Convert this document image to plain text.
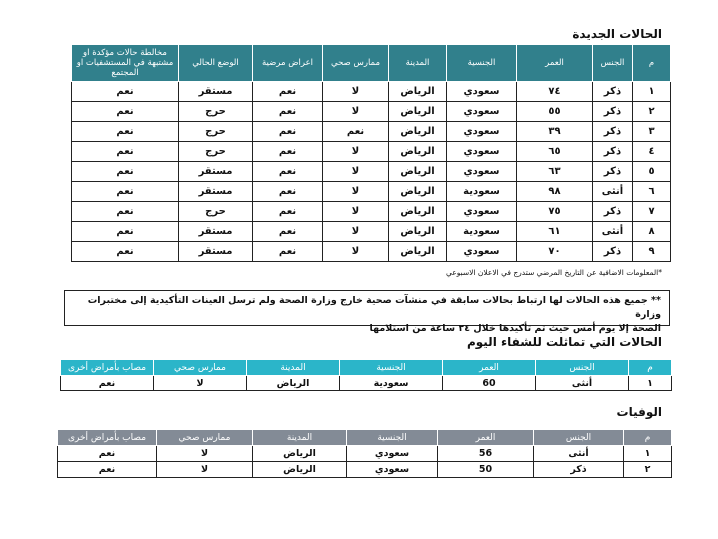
الحالات الجديدة
م	الجنس	العمر	الجنسية	المدينة	ممارس صحي	اعراض مرضية	الوضع الحالي	مخالطة حالات مؤكدة او مشتبهة في المستشفيات او المجتمع
١	ذكر	٧٤	سعودي	الرياض	لا	نعم	مستقر	نعم
٢	ذكر	٥٥	سعودي	الرياض	لا	نعم	حرج	نعم
٣	ذكر	٣٩	سعودي	الرياض	نعم	نعم	حرج	نعم
٤	ذكر	٦٥	سعودي	الرياض	لا	نعم	حرج	نعم
٥	ذكر	٦٣	سعودي	الرياض	لا	نعم	مستقر	نعم
٦	أنثى	٩٨	سعودية	الرياض	لا	نعم	مستقر	نعم
٧	ذكر	٧٥	سعودي	الرياض	لا	نعم	حرج	نعم
٨	أنثى	٦١	سعودية	الرياض	لا	نعم	مستقر	نعم
٩	ذكر	٧٠	سعودي	الرياض	لا	نعم	مستقر	نعم
*المعلومات الاضافية عن التاريخ المرضي ستدرج في الاعلان الاسبوعي
** جميع هذه الحالات لها ارتباط بحالات سابقة في منشآت صحية خارج وزارة الصحة ولم ترسل العينات التأكيدية إلى مختبرات وزارة
الصحة إلا يوم أمس حيث تم تأكيدها خلال ٢٤ ساعة من استلامها
الحالات التي تماثلت للشفاء اليوم
م	الجنس	العمر	الجنسية	المدينة	ممارس صحي	مصاب بأمراض أخرى
١	أنثى	60	سعودية	الرياض	لا	نعم
الوفيات
م	الجنس	العمر	الجنسية	المدينة	ممارس صحي	مصاب بأمراض أخرى
١	أنثى	56	سعودي	الرياض	لا	نعم
٢	ذكر	50	سعودي	الرياض	لا	نعم
